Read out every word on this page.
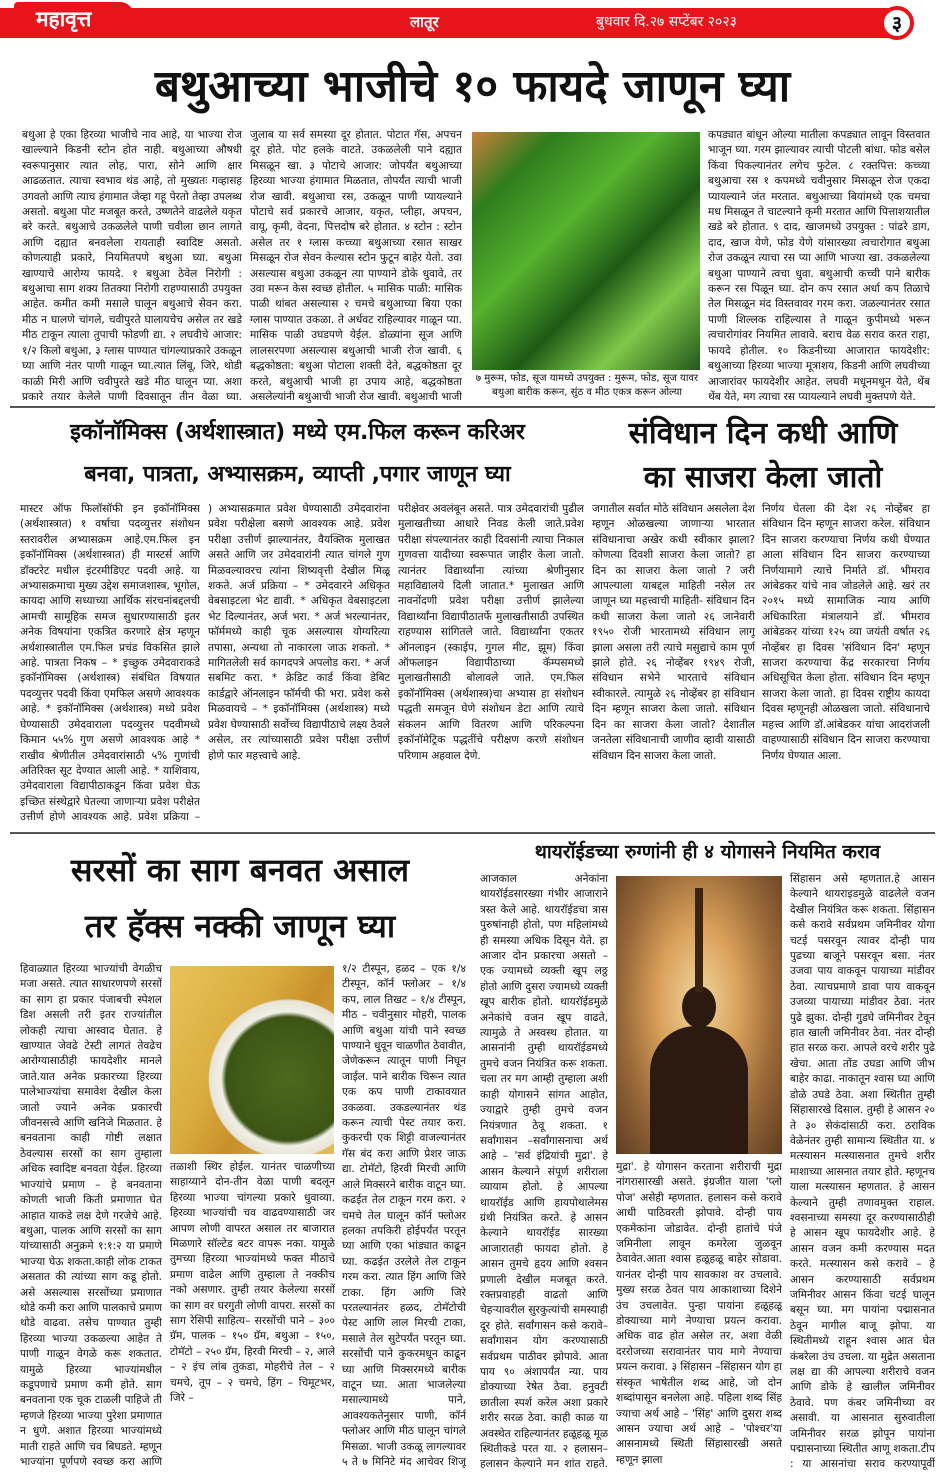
महावृत्त	लातूर	बुधवार दि.२७ सप्टेंबर २०२३	३
बथुआच्या भाजीचे १० फायदे जाणून घ्या
बथुआ हे एका हिरव्या भाजीचे नाव आहे, या भाज्या रोज खाल्ल्याने किडनी स्टोन होत नाही. बथुआच्या औषधी स्वरूपानुसार त्यात लोह, पारा, सोने आणि क्षार आढळतात. त्याचा स्वभाव थंड आहे, तो मुख्यतः गव्हासह उगवतो आणि त्याच हंगामात जेव्हा गहू पेरतो तेव्हा उपलब्ध असतो. बथुआ पोट मजबूत करते, उष्णतेने वाढलेले यकृत बरे करते. बथुआचे उकळलेले पाणी चवीला छान लागते आणि दह्यात बनवलेला रायताही स्वादिष्ट असतो. कोणत्याही प्रकारे, नियमितपणे बथुआ घ्या. बथुआ खाण्याचे आरोग्य फायदे. १ बथुआ ठेवेल निरोगी : बथुआचा साग शक्य तितक्या निरोगी राहण्यासाठी उपयुक्त आहेत. कमीत कमी मसाले घालून बथुआचे सेवन करा. मीठ न घालणे चांगले, चवीपुरते घालायचेच असेल तर खडे मीठ टाकून त्याला तुपाची फोडणी द्या. २ लघवीचे आजार: १/२ किलो बथुआ, ३ ग्लास पाण्यात चांगल्याप्रकारे उकळून घ्या आणि नंतर पाणी गाळून घ्या.त्यात लिंबू, जिरे, थोडी काळी मिरी आणि चवीपुरते खडे मीठ घालून प्या. अशा प्रकारे तयार केलेले पाणी दिवसातून तीन वेळा घ्या.
जुलाब या सर्व समस्या दूर होतात. पोटात गॅस, अपचन दूर होते. पोट हलके वाटते. उकळलेली पाने दह्यात मिसळून खा. ३ पोटाचे आजार: जोपर्यंत बथुआच्या हिरव्या भाज्या हंगामात मिळतात, तोपर्यंत त्याची भाजी रोज खावी. बथुआचा रस, उकळून पाणी प्यायल्याने पोटाचे सर्व प्रकारचे आजार, यकृत, प्लीहा, अपचन, वायू, कृमी, वेदना, पित्तदोष बरे होतात. ४ स्टोन : स्टोन असेल तर १ ग्लास कच्च्या बथुआच्या रसात साखर मिसळून रोज सेवन केल्यास स्टोन फुटून बाहेर येतो. उवा असल्यास बथुआ उकळून त्या पाण्याने डोके धुवावे, तर उवा मरून केस स्वच्छ होतील. ५ मासिक पाळी: मासिक पाळी थांबत असल्यास २ चमचे बथुआच्या बिया एका ग्लास पाण्यात उकळा. ते अर्धवट राहिल्यावर गाळून प्या. मासिक पाळी उघडपणे येईल. डोळ्यांना सूज आणि लालसरपणा असल्यास बथुआची भाजी रोज खावी. ६ बद्धकोष्ठता: बथुआ पोटाला शक्ती देते, बद्धकोष्ठता दूर करते, बथुआची भाजी हा उपाय आहे, बद्धकोष्ठता असलेल्यांनी बथुआची भाजी रोज खावी. बथुआची भाजी
७ मुरूम, फोड, सूज यामध्ये उपयुक्त : मुरूम, फोड, सूज यावर बथुआ बारीक करून, सुंठ व मीठ एकत्र करून ओल्या
कपड्यात बांधून ओल्या मातीला कपड्यात लावून विस्तवात भाजून घ्या. गरम झाल्यावर त्याची पोटली बांधा. फोड बसेल किंवा पिकल्यानंतर लगेच फुटेल. ८ रक्तपित्त: कच्च्या बथुआचा रस १ कपमध्ये चवीनुसार मिसळून रोज एकदा प्यायल्याने जंत मरतात. बथुआच्या बियांमध्ये एक चमचा मध मिसळून ते चाटल्याने कृमी मरतात आणि पित्ताशयातील खडे बरे होतात. ९ दाद, खाजमध्ये उपयुक्त : पांढरे डाग, दाद, खाज येणे, फोड येणे यांसारख्या त्वचारोगात बथुआ रोज उकळून त्याचा रस प्या आणि भाज्या खा. उकळलेल्या बथुआ पाण्याने त्वचा धुवा. बथुआची कच्ची पाने बारीक करून रस पिळून घ्या. दोन कप रसात अर्धा कप तिळाचे तेल मिसळून मंद विस्तवावर गरम करा. जळल्यानंतर रसात पाणी शिल्लक राहिल्यास ते गाळून कुपीमध्ये भरून त्वचारोगांवर नियमित लावावे. बराच वेळ सराव करत राहा, फायदे होतील. १० किडनीच्या आजारात फायदेशीर: बथुआच्या हिरव्या भाज्या मूत्राशय, किडनी आणि लघवीच्या आजारांवर फायदेशीर आहेत. लघवी मधूनमधून येते, थेंब थेंब येते, मग त्याचा रस प्यायल्याने लघवी मुक्तपणे येते.
इकॉनॉमिक्स (अर्थशास्त्रात) मध्ये एम.फिल करून करिअर
बनवा, पात्रता, अभ्यासक्रम, व्याप्ती ,पगार जाणून घ्या
मास्टर ऑफ फिलॉसॉफी इन इकॉनॉमिक्स (अर्थशास्त्रात) १ वर्षाचा पदव्युत्तर संशोधन स्तरावरील अभ्यासक्रम आहे.एम.फिल इन इकॉनॉमिक्स (अर्थशास्त्रात) ही मास्टर्स आणि डॉक्टरेट मधील इंटरमीडिएट पदवी आहे. या अभ्यासक्रमाचा मुख्य उद्देश समाजशास्त्र, भूगोल, कायदा आणि सध्याच्या आर्थिक संरचनांबद्दलची आमची सामूहिक समज सुधारण्यासाठी इतर अनेक विषयांना एकत्रित करणारे क्षेत्र म्हणून अर्थशास्त्रातील एम.फिल प्रचंड विकसित झाले आहे. पात्रता निकष – * इच्छुक उमेदवाराकडे इकॉनॉमिक्स (अर्थशास्त्र) संबंधित विषयात पदव्युत्तर पदवी किंवा एमफिल असणे आवश्यक आहे. * इकॉनॉमिक्स (अर्थशास्त्र) मध्ये प्रवेश घेण्यासाठी उमेदवाराला पदव्युत्तर पदवीमध्ये किमान ५५% गुण असणे आवश्यक आहे * राखीव श्रेणीतील उमेदवारांसाठी ५% गुणांची अतिरिक्त सूट देण्यात आली आहे. * याशिवाय, उमेदवाराला विद्यापीठाकडून किंवा प्रवेश घेऊ इच्छित संस्थेद्वारे घेतल्या जाणाऱ्या प्रवेश परीक्षेत उत्तीर्ण होणे आवश्यक आहे. प्रवेश प्रक्रिया –
) अभ्यासक्रमात प्रवेश घेण्यासाठी उमेदवारांना प्रवेश परीक्षेला बसणे आवश्यक आहे. प्रवेश परीक्षा उत्तीर्ण झाल्यानंतर, वैयक्तिक मुलाखत असते आणि जर उमेदवारांनी त्यात चांगले गुण मिळवल्यावरच त्यांना शिष्यवृत्ती देखील मिळू शकते. अर्ज प्रक्रिया – * उमेदवारने अधिकृत वेबसाइटला भेट द्यावी. * अधिकृत वेबसाइटला भेट दिल्यानंतर, अर्ज भरा. * अर्ज भरल्यानंतर, फॉर्ममध्ये काही चूक असल्यास योग्यरित्या तपासा, अन्यथा तो नाकारला जाऊ शकतो. * मागितलेली सर्व कागदपत्रे अपलोड करा. * अर्ज सबमिट करा. * क्रेडिट कार्ड किंवा डेबिट कार्डद्वारे ऑनलाइन फॉर्मची फी भरा. प्रवेश कसे मिळवायचे – * इकॉनॉमिक्स (अर्थशास्त्र) मध्ये प्रवेश घेण्यासाठी सर्वोच्च विद्यापीठाचे लक्ष्य ठेवले असेल, तर त्यांच्यासाठी प्रवेश परीक्षा उत्तीर्ण होणे फार महत्त्वाचे आहे.
परीक्षेवर अवलंबून असते. पात्र उमेदवारांची पुढील मुलाखतीच्या आधारे निवड केली जाते.प्रवेश परीक्षा संपल्यानंतर काही दिवसांनी त्याचा निकाल गुणवत्ता यादीच्या स्वरूपात जाहीर केला जातो. त्यानंतर विद्यार्थ्यांना त्यांच्या श्रेणीनुसार महाविद्यालये दिली जातात.* मुलाखत आणि नावनोंदणी प्रवेश परीक्षा उत्तीर्ण झालेल्या विद्यार्थ्यांना विद्यापीठातर्फे मुलाखतीसाठी उपस्थित राहण्यास सांगितले जाते. विद्यार्थ्यांना एकतर ऑनलाइन (स्काईप, गुगल मीट, झूम) किंवा ऑफलाइन विद्यापीठाच्या कॅम्पसमध्ये मुलाखतीसाठी बोलावले जाते. एम.फिल इकॉनॉमिक्स (अर्थशास्त्र)चा अभ्यास हा संशोधन पद्धती समजून घेणे संशोधन डेटा आणि त्याचे संकलन आणि वितरण आणि परिकल्पना इकॉनॉमेट्रिक पद्धतींचे परीक्षण करणे संशोधन परिणाम अहवाल देणे.
संविधान दिन कधी आणि
का साजरा केला जातो
जगातील सर्वात मोठे संविधान असलेला देश म्हणून ओळखल्या जाणाऱ्या भारतात संविधानाचा अखेर कधी स्वीकार झाला? कोणत्या दिवशी साजरा केला जातो? हा दिन का साजरा केला जातो ? जरी आपल्याला याबद्दल माहिती नसेल तर जाणून घ्या महत्त्वाची माहिती- संविधान दिन कधी साजरा केला जातो २६ जानेवारी १९५० रोजी भारतामध्ये संविधान लागू झाला असला तरी त्याचे मसुद्याचे काम पूर्ण झाले होते. २६ नोव्हेंबर १९४९ रोजी, संविधान सभेने भारताचे संविधान स्वीकारले. त्यामुळे २६ नोव्हेंबर हा संविधान दिन म्हणून साजरा केला जातो. संविधान दिन का साजरा केला जातो? देशातील जनतेला संविधानाची जाणीव व्हावी यासाठी संविधान दिन साजरा केला जातो.
निर्णय घेतला की देश २६ नोव्हेंबर हा संविधान दिन म्हणून साजरा करेल. संविधान दिन साजरा करण्याचा निर्णय कधी घेण्यात आला संविधान दिन साजरा करण्याच्या निर्णयामागे त्याचे निर्माते डॉ. भीमराव आंबेडकर यांचे नाव जोडलेले आहे. खरं तर २०१५ मध्ये सामाजिक न्याय आणि अधिकारिता मंत्रालयाने डॉ. भीमराव आंबेडकर यांच्या १२५ व्या जयंती वर्षात २६ नोव्हेंबर हा दिवस 'संविधान दिन' म्हणून साजरा करण्याचा केंद्र सरकारचा निर्णय अधिसूचित केला होता. संविधान दिन म्हणून साजरा केला जातो. हा दिवस राष्ट्रीय कायदा दिवस म्हणूनही ओळखला जातो. संविधानाचे महत्त्व आणि डॉ.आंबेडकर यांचा आदरांजली वाहण्यासाठी संविधान दिन साजरा करण्याचा निर्णय घेण्यात आला.
सरसों का साग बनवत असाल
तर हॅक्स नक्की जाणून घ्या
हिवाळ्यात हिरव्या भाज्यांची वेगळीच मजा असते. त्यात साधारणपणे सरसों का साग हा प्रकार पंजाबची स्पेशल डिश असली तरी इतर राज्यांतील लोकही त्याचा आस्वाद घेतात. हे खाण्यात जेवढे टेस्टी लागतं तेवढेच आरोग्यासाठीही फायदेशीर मानले जाते.यात अनेक प्रकारच्या हिरव्या पालेभाज्यांचा समावेश देखील केला जातो ज्याने अनेक प्रकारची जीवनसत्त्वे आणि खनिजे मिळतात. हे बनवताना काही गोष्टी लक्षात ठेवल्यास सरसों का साग तुम्हाला अधिक स्वादिष्ट बनवता येईल. हिरव्या भाज्यांचे प्रमाण – हे बनवताना कोणती भाजी किती प्रमाणात घेत आहात याकडे लक्ष देणे गरजेचे आहे. बथुआ, पालक आणि सरसों का साग यांच्यासाठी अनुक्रमे १:१:२ या प्रमाणे भाज्या घेऊ शकता.काही लोक टाकत असतात की त्यांच्या साग कडू होतो. असे असल्यास सरसोंच्या प्रमाणात थोडे कमी करा आणि पालकाचे प्रमाण थोडे वाढवा. तसेच पाण्यात तुम्ही हिरव्या भाज्या उकळल्या आहेत ते पाणी गाळून वेगळे करू शकतात. यामुळे हिरव्या भाज्यांमधील कडूपणाचे प्रमाण कमी होते. साग बनवताना एक चूक टाळली पाहिजे ती म्हणजे हिरव्या भाज्या पुरेशा प्रमाणात न धुणे. अशात हिरव्या भाज्यांमध्ये माती राहते आणि चव बिघडते. म्हणून भाज्यांना पूर्णपणे स्वच्छ करा आणि
तळाशी स्थिर होईल. यानंतर चाळणीच्या साहाय्याने दोन-तीन वेळा पाणी बदलून हिरव्या भाज्या चांगल्या प्रकारे धुवाव्या. हिरव्या भाज्यांची चव वाढवण्यासाठी जर आपण लोणी वापरत असाल तर बाजारात मिळणारे सॉल्टेड बटर वापरू नका. यामुळे तुमच्या हिरव्या भाज्यांमध्ये फक्त मीठाचे प्रमाण वाढेल आणि तुम्हाला ते नक्कीच नको असणार. तुम्ही तयार केलेल्या सरसों का साग वर घरगुती लोणी वापरा. सरसों का साग रेसिपी साहित्य– सरसोंची पाने – ३०० ग्रॅम, पालक – १५० ग्रॅम, बथुआ – १५०, टोमॅटो – २५० ग्रॅम, हिरवी मिरची – २, आले – २ इंच लांब तुकडा, मोहरीचे तेल – २ चमचे, तूप – २ चमचे, हिंग – चिमूटभर, जिरे –
१/२ टीस्पून, हळद – एक १/४ टीस्पून, कॉर्न फ्लोअर – १/४ कप, लाल तिखट – १/४ टीस्पून, मीठ – चवीनुसार मोहरी, पालक आणि बथुआ यांची पाने स्वच्छ पाण्याने धुवून चाळणीत ठेवावीत, जेणेकरून त्यातून पाणी निघून जाईल. पाने बारीक चिरून त्यात एक कप पाणी टाकावयात उकळवा. उकडल्यानंतर थंड करून त्याची पेस्ट तयार करा. कुकरची एक शिट्टी वाजल्यानंतर गॅस बंद करा आणि प्रेशर जाऊ द्या. टोमॅटो, हिरवी मिरची आणि आले मिक्सरने बारीक वाटून घ्या. कढईत तेल टाकून गरम करा. २ चमचे तेल घालून कॉर्न फ्लोअर हलका तपकिरी होईपर्यंत परतून घ्या आणि एका भांड्यात काढून घ्या. कढईत उरलेले तेल टाकून गरम करा. त्यात हिंग आणि जिरे टाका. हिंग आणि जिरे परतल्यानंतर हळद, टोमॅटोची पेस्ट आणि लाल मिरची टाका, मसाले तेल सुटेपर्यंत परतून घ्या. सरसोंची पाने कुकरमधून काढून घ्या आणि मिक्सरमध्ये बारीक वाटून घ्या. आता भाजलेल्या मसाल्यामध्ये पाने, आवश्यकतेनुसार पाणी, कॉर्न फ्लोअर आणि मीठ घालून चांगले मिसळा. भाजी उकळू लागल्यावर ५ ते ७ मिनिटे मंद आचेवर शिजू
थायरॉईडच्या रुग्णांनी ही ४ योगासने नियमित कराव
आजकाल अनेकांना थायरॉईडसारख्या गंभीर आजाराने त्रस्त केले आहे. थायरॉईडचा त्रास पुरुषांनाही होतो, पण महिलांमध्ये ही समस्या अधिक दिसून येते. हा आजार दोन प्रकारचा असतो – एक ज्यामध्ये व्यक्ती खूप लठ्ठ होतो आणि दुसरा ज्यामध्ये व्यक्ती खूप बारीक होतो. थायरॉईडमुळे अनेकांचे वजन खूप वाढते, त्यामुळे ते अस्वस्थ होतात. या आसनांनी तुम्ही थायरॉईडमध्ये तुमचे वजन नियंत्रित करू शकता. चला तर मग आम्ही तुम्हाला अशी काही योगासने सांगत आहोत, ज्याद्वारे तुम्ही तुमचे वजन नियंत्रणात ठेवू शकता. १ सर्वांगासन –सर्वांगासनाचा अर्थ आहे – 'सर्व इंद्रियांची मुद्रा'. हे आसन केल्याने संपूर्ण शरीराला व्यायाम होतो. हे आपल्या थायरॉईड आणि हायपोथालेमस ग्रंथी नियंत्रित करते. हे आसन केल्याने थायरॉईड सारख्या आजारातही फायदा होतो. हे आसन तुमचे हृदय आणि श्वसन प्रणाली देखील मजबूत करते. रक्तप्रवाहही वाढतो आणि चेहऱ्यावरील सुरकुत्यांची समस्याही दूर होते. सर्वांगासन कसे करावे– सर्वांगासन योग करण्यासाठी सर्वप्रथम पाठीवर झोपावे. आता पाय ९० अंशापर्यंत न्या. पाय डोक्याच्या रेषेत ठेवा. हनुवटी छातीला स्पर्श करेल अशा प्रकारे शरीर सरळ ठेवा. काही काळ या अवस्थेत राहिल्यानंतर हळूहळू मूळ स्थितीकडे परत या. २ हलासन– हलासन केल्याने मन शांत राहते.
मुद्रा'. हे योगासन करताना शरीराची मुद्रा नांगरासारखी असते. इंग्रजीत याला 'प्लो पोज' असेही म्हणतात. हलासन कसे करावे आधी पाठिवरती झोपावे. दोन्ही पाय एकमेकांना जोडावेत. दोन्ही हातांचे पंजे जमिनीला लावून कमरेला जुळवून ठेवावेत.आता श्वास हळूहळू बाहेर सोडावा. यानंतर दोन्ही पाय सावकाश वर उचलावे. मुख्य सरळ ठेवत पाय आकाशाच्या दिशेने उंच उचलावेत. पुन्हा पायांना हळूहळू डोक्याच्या मागे नेण्याचा प्रयत्न करावा. अधिक वाढ होत असेल तर, अशा वेळी दररोजच्या सरावानंतर पाय मागे नेण्याचा प्रयत्न करावा. ३ सिंहासन –सिंहासन योग हा संस्कृत भाषेतील शब्द आहे, जो दोन शब्दांपासून बनलेला आहे. पहिला शब्द सिंह ज्याचा अर्थ आहे – 'सिंह' आणि दुसरा शब्द आसन ज्याचा अर्थ आहे – 'पोश्चर'या आसनामध्ये स्थिती सिंहासारखी असते म्हणून झाला
सिंहासन असे म्हणतात.हे आसन केल्याने थायराइडमुळे वाढलेले वजन देखील नियंत्रित करू शकता. सिंहासन कसे करावे सर्वप्रथम जमिनीवर योगा चटई पसरवून त्यावर दोन्ही पाय पुढच्या बाजूने पसरवून बसा. नंतर उजवा पाय वाकवून पायाच्या मांडीवर ठेवा. त्याचप्रमाणे डावा पाय वाकवून उजव्या पायाच्या मांडीवर ठेवा. नंतर पुढे झुका. दोन्ही गुडघे जमिनीवर टेवून हात खाली जमिनीवर ठेवा. नंतर दोन्ही हात सरळ करा. आपले वरचे शरीर पुढे खेचा. आता तोंड उघडा आणि जीभ बाहेर काढा. नाकातून श्वास घ्या आणि डोळे उघडे ठेवा. अशा स्थितीत तुम्ही सिंहासारखे दिसाल. तुम्ही हे आसन २० ते ३० सेकंदांसाठी करा. ठराविक वेळेनंतर तुम्ही सामान्य स्थितीत या. ४ मत्स्यासन मत्स्यासनात तुमचे शरीर माशाच्या आसनात तयार होते. म्हणूनच याला मत्स्यासन म्हणतात. हे आसन केल्याने तुम्ही तणावमुक्त राहाल. श्वसनाच्या समस्या दूर करण्यासाठीही हे आसन खूप फायदेशीर आहे. हे आसन वजन कमी करण्यास मदत करते. मत्स्यासन कसे करावे – हे आसन करण्यासाठी सर्वप्रथम जमिनीवर आसन किंवा चटई घालून बसून घ्या. मग पायांना पद्मासनात ठेवून मागील बाजू झोपा. या स्थितीमध्ये राहून श्वास आत घेत कंबरेला उंच उचला. या मुद्रेत असताना लक्ष द्या की आपल्या शरीराचे वजन आणि डोके हे खालील जमिनीवर ठेवावे. पण कंबर जमिनीच्या वर असावी. या आसनात सुरुवातीला जमिनीवर सरळ झोपून पायांना पद्मासनाच्या स्थितीत आणू शकता.टीप : या आसनांचा सराव करण्यापूर्वी
